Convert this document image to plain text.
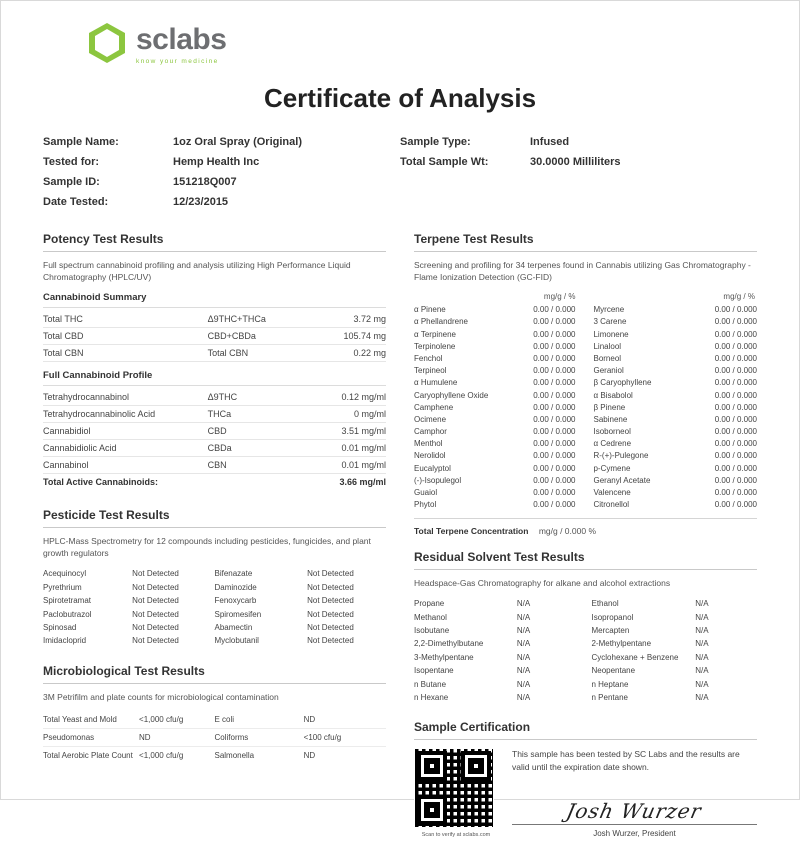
sclabs
know your medicine
Certificate of Analysis
Sample Name:	1oz Oral Spray (Original)
Tested for:	Hemp Health Inc
Sample ID:	151218Q007
Date Tested:	12/23/2015
Sample Type:	Infused
Total Sample Wt:	30.0000 Milliliters
Potency Test Results
Full spectrum cannabinoid profiling and analysis utilizing High Performance Liquid Chromatography (HPLC/UV)
Cannabinoid Summary
Total THC	Δ9THC+THCa	3.72 mg
Total CBD	CBD+CBDa	105.74 mg
Total CBN	Total CBN	0.22 mg
Full Cannabinoid Profile
Tetrahydrocannabinol	Δ9THC	0.12 mg/ml
Tetrahydrocannabinolic Acid	THCa	0 mg/ml
Cannabidiol	CBD	3.51 mg/ml
Cannabidiolic Acid	CBDa	0.01 mg/ml
Cannabinol	CBN	0.01 mg/ml
Total Active Cannabinoids:		3.66 mg/ml
Pesticide Test Results
HPLC-Mass Spectrometry for 12 compounds including pesticides, fungicides, and plant growth regulators
Acequinocyl	Not Detected	Bifenazate	Not Detected
Pyrethrium	Not Detected	Daminozide	Not Detected
Spirotetramat	Not Detected	Fenoxycarb	Not Detected
Paclobutrazol	Not Detected	Spiromesifen	Not Detected
Spinosad	Not Detected	Abamectin	Not Detected
Imidacloprid	Not Detected	Myclobutanil	Not Detected
Microbiological Test Results
3M Petrifilm and plate counts for microbiological contamination
Total Yeast and Mold	<1,000 cfu/g	E coli	ND
Pseudomonas	ND	Coliforms	<100 cfu/g
Total Aerobic Plate Count	<1,000 cfu/g	Salmonella	ND
Terpene Test Results
Screening and profiling for 34 terpenes found in Cannabis utilizing Gas Chromatography - Flame Ionization Detection (GC-FID)
mg/g / %	mg/g / %
α Pinene	0.00 / 0.000	Myrcene	0.00 / 0.000
α Phellandrene	0.00 / 0.000	3 Carene	0.00 / 0.000
α Terpinene	0.00 / 0.000	Limonene	0.00 / 0.000
Terpinolene	0.00 / 0.000	Linalool	0.00 / 0.000
Fenchol	0.00 / 0.000	Borneol	0.00 / 0.000
Terpineol	0.00 / 0.000	Geraniol	0.00 / 0.000
α Humulene	0.00 / 0.000	β Caryophyllene	0.00 / 0.000
Caryophyllene Oxide	0.00 / 0.000	α Bisabolol	0.00 / 0.000
Camphene	0.00 / 0.000	β Pinene	0.00 / 0.000
Ocimene	0.00 / 0.000	Sabinene	0.00 / 0.000
Camphor	0.00 / 0.000	Isoborneol	0.00 / 0.000
Menthol	0.00 / 0.000	α Cedrene	0.00 / 0.000
Nerolidol	0.00 / 0.000	R-(+)-Pulegone	0.00 / 0.000
Eucalyptol	0.00 / 0.000	p-Cymene	0.00 / 0.000
(-)-Isopulegol	0.00 / 0.000	Geranyl Acetate	0.00 / 0.000
Guaiol	0.00 / 0.000	Valencene	0.00 / 0.000
Phytol	0.00 / 0.000	Citronellol	0.00 / 0.000
Total Terpene Concentration mg/g / 0.000 %
Residual Solvent Test Results
Headspace-Gas Chromatography for alkane and alcohol extractions
Propane	N/A	Ethanol	N/A
Methanol	N/A	Isopropanol	N/A
Isobutane	N/A	Mercapten	N/A
2,2-Dimethylbutane	N/A	2-Methylpentane	N/A
3-Methylpentane	N/A	Cyclohexane + Benzene	N/A
Isopentane	N/A	Neopentane	N/A
n Butane	N/A	n Heptane	N/A
n Hexane	N/A	n Pentane	N/A
Sample Certification
Scan to verify at sclabs.com
This sample has been tested by SC Labs and the results are valid until the expiration date shown.
Josh Wurzer
Josh Wurzer, President
